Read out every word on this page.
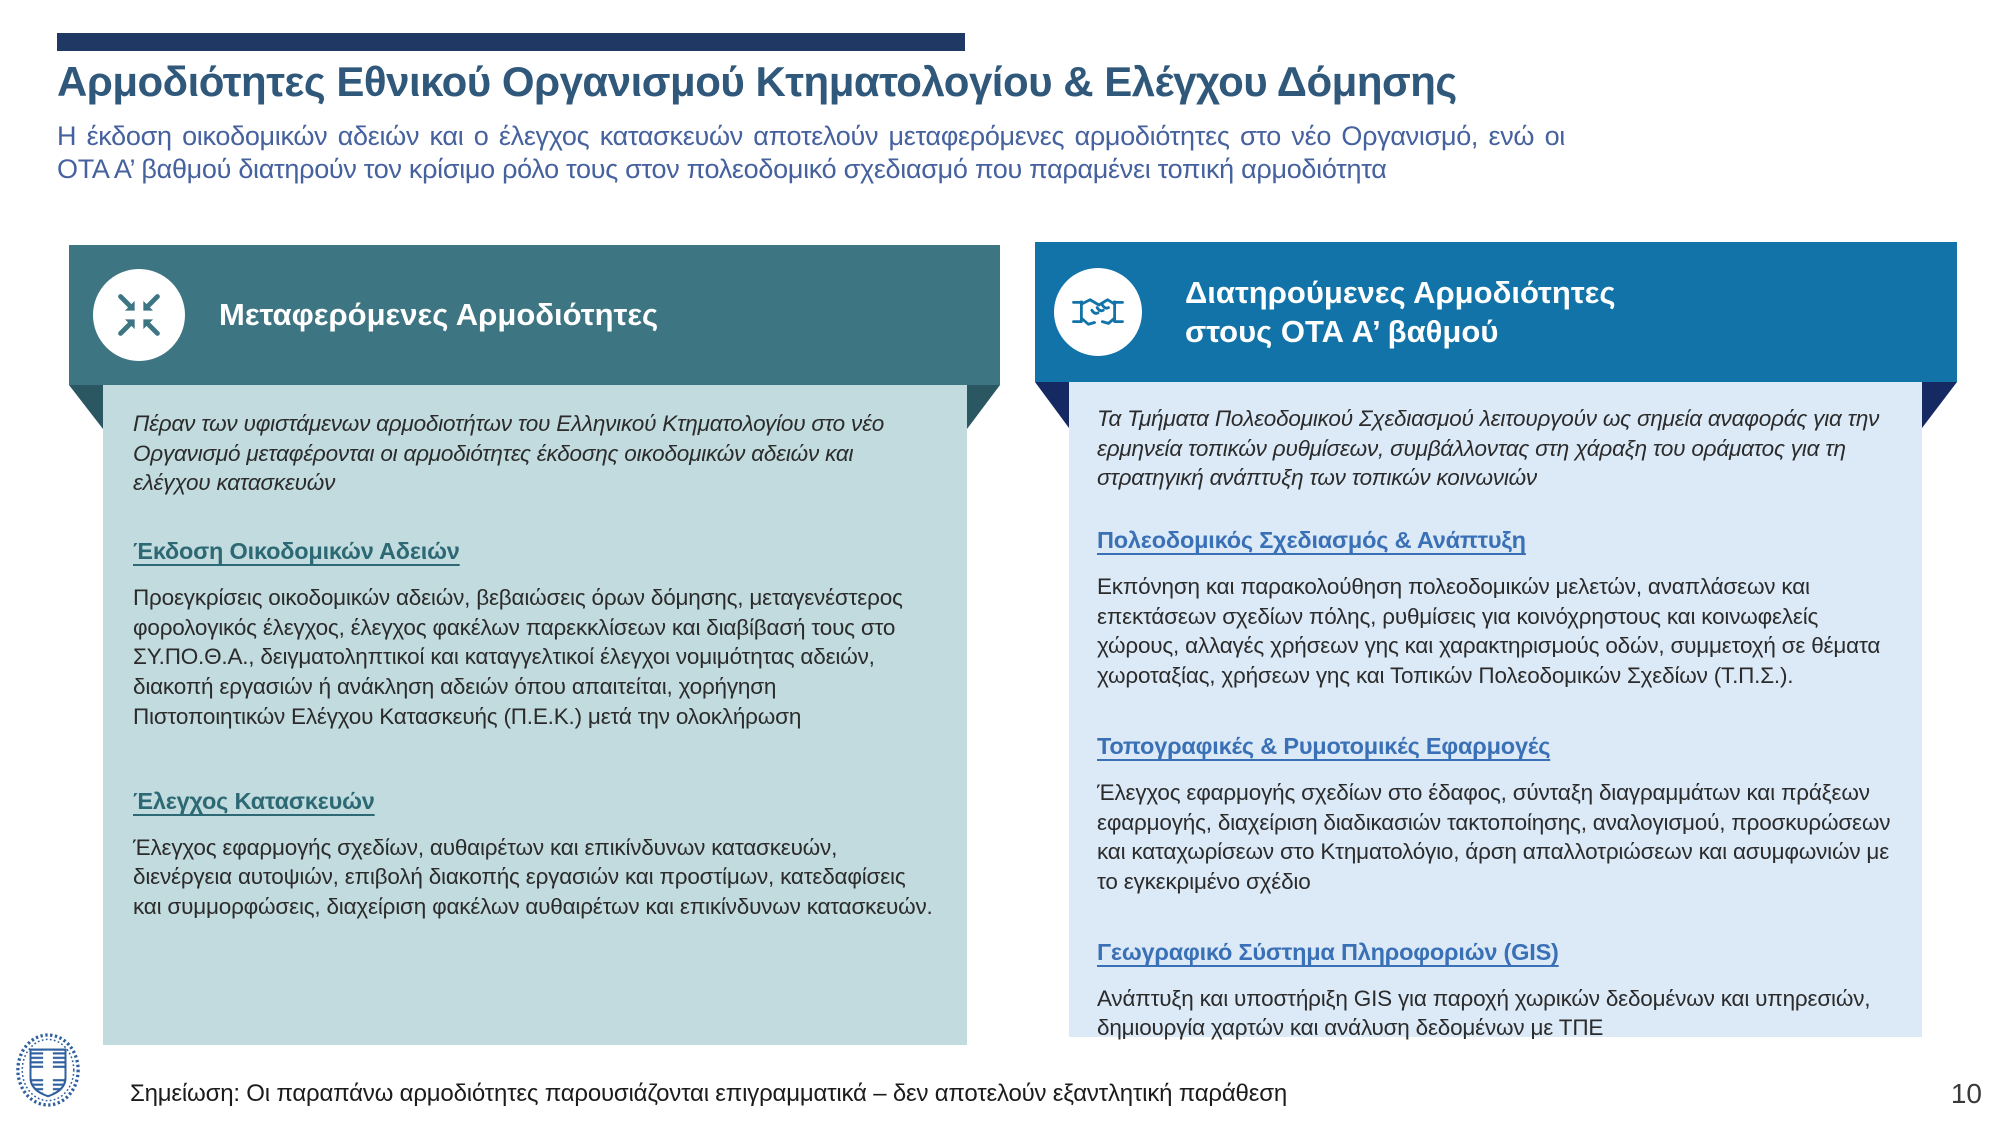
Αρμοδιότητες Εθνικού Οργανισμού Κτηματολογίου & Ελέγχου Δόμησης
Η έκδοση οικοδομικών αδειών και ο έλεγχος κατασκευών αποτελούν μεταφερόμενες αρμοδιότητες στο νέο Οργανισμό, ενώ οι ΟΤΑ Α’ βαθμού διατηρούν τον κρίσιμο ρόλο τους στον πολεοδομικό σχεδιασμό που παραμένει τοπική αρμοδιότητα
Μεταφερόμενες Αρμοδιότητες

Πέραν των υφιστάμενων αρμοδιοτήτων του Ελληνικού Κτηματολογίου στο νέο Οργανισμό μεταφέρονται οι αρμοδιότητες έκδοσης οικοδομικών αδειών και ελέγχου κατασκευών

Έκδοση Οικοδομικών Αδειών

Προεγκρίσεις οικοδομικών αδειών, βεβαιώσεις όρων δόμησης, μεταγενέστερος φορολογικός έλεγχος, έλεγχος φακέλων παρεκκλίσεων και διαβίβασή τους στο ΣΥ.ΠΟ.Θ.Α., δειγματοληπτικοί και καταγγελτικοί έλεγχοι νομιμότητας αδειών, διακοπή εργασιών ή ανάκληση αδειών όπου απαιτείται, χορήγηση Πιστοποιητικών Ελέγχου Κατασκευής (Π.Ε.Κ.) μετά την ολοκλήρωση

Έλεγχος Κατασκευών

Έλεγχος εφαρμογής σχεδίων, αυθαιρέτων και επικίνδυνων κατασκευών, διενέργεια αυτοψιών, επιβολή διακοπής εργασιών και προστίμων, κατεδαφίσεις και συμμορφώσεις, διαχείριση φακέλων αυθαιρέτων και επικίνδυνων κατασκευών.

Διατηρούμενες Αρμοδιότητες
στους ΟΤΑ Α’ βαθμού

Τα Τμήματα Πολεοδομικού Σχεδιασμού λειτουργούν ως σημεία αναφοράς για την ερμηνεία τοπικών ρυθμίσεων, συμβάλλοντας στη χάραξη του οράματος για τη στρατηγική ανάπτυξη των τοπικών κοινωνιών

Πολεοδομικός Σχεδιασμός & Ανάπτυξη

Εκπόνηση και παρακολούθηση πολεοδομικών μελετών, αναπλάσεων και επεκτάσεων σχεδίων πόλης, ρυθμίσεις για κοινόχρηστους και κοινωφελείς χώρους, αλλαγές χρήσεων γης και χαρακτηρισμούς οδών, συμμετοχή σε θέματα χωροταξίας, χρήσεων γης και Τοπικών Πολεοδομικών Σχεδίων (Τ.Π.Σ.).

Τοπογραφικές & Ρυμοτομικές Εφαρμογές

Έλεγχος εφαρμογής σχεδίων στο έδαφος, σύνταξη διαγραμμάτων και πράξεων εφαρμογής, διαχείριση διαδικασιών τακτοποίησης, αναλογισμού, προσκυρώσεων και καταχωρίσεων στο Κτηματολόγιο, άρση απαλλοτριώσεων και ασυμφωνιών με το εγκεκριμένο σχέδιο

Γεωγραφικό Σύστημα Πληροφοριών (GIS)

Ανάπτυξη και υποστήριξη GIS για παροχή χωρικών δεδομένων και υπηρεσιών, δημιουργία χαρτών και ανάλυση δεδομένων με ΤΠΕ

Σημείωση: Οι παραπάνω αρμοδιότητες παρουσιάζονται επιγραμματικά – δεν αποτελούν εξαντλητική παράθεση	10
